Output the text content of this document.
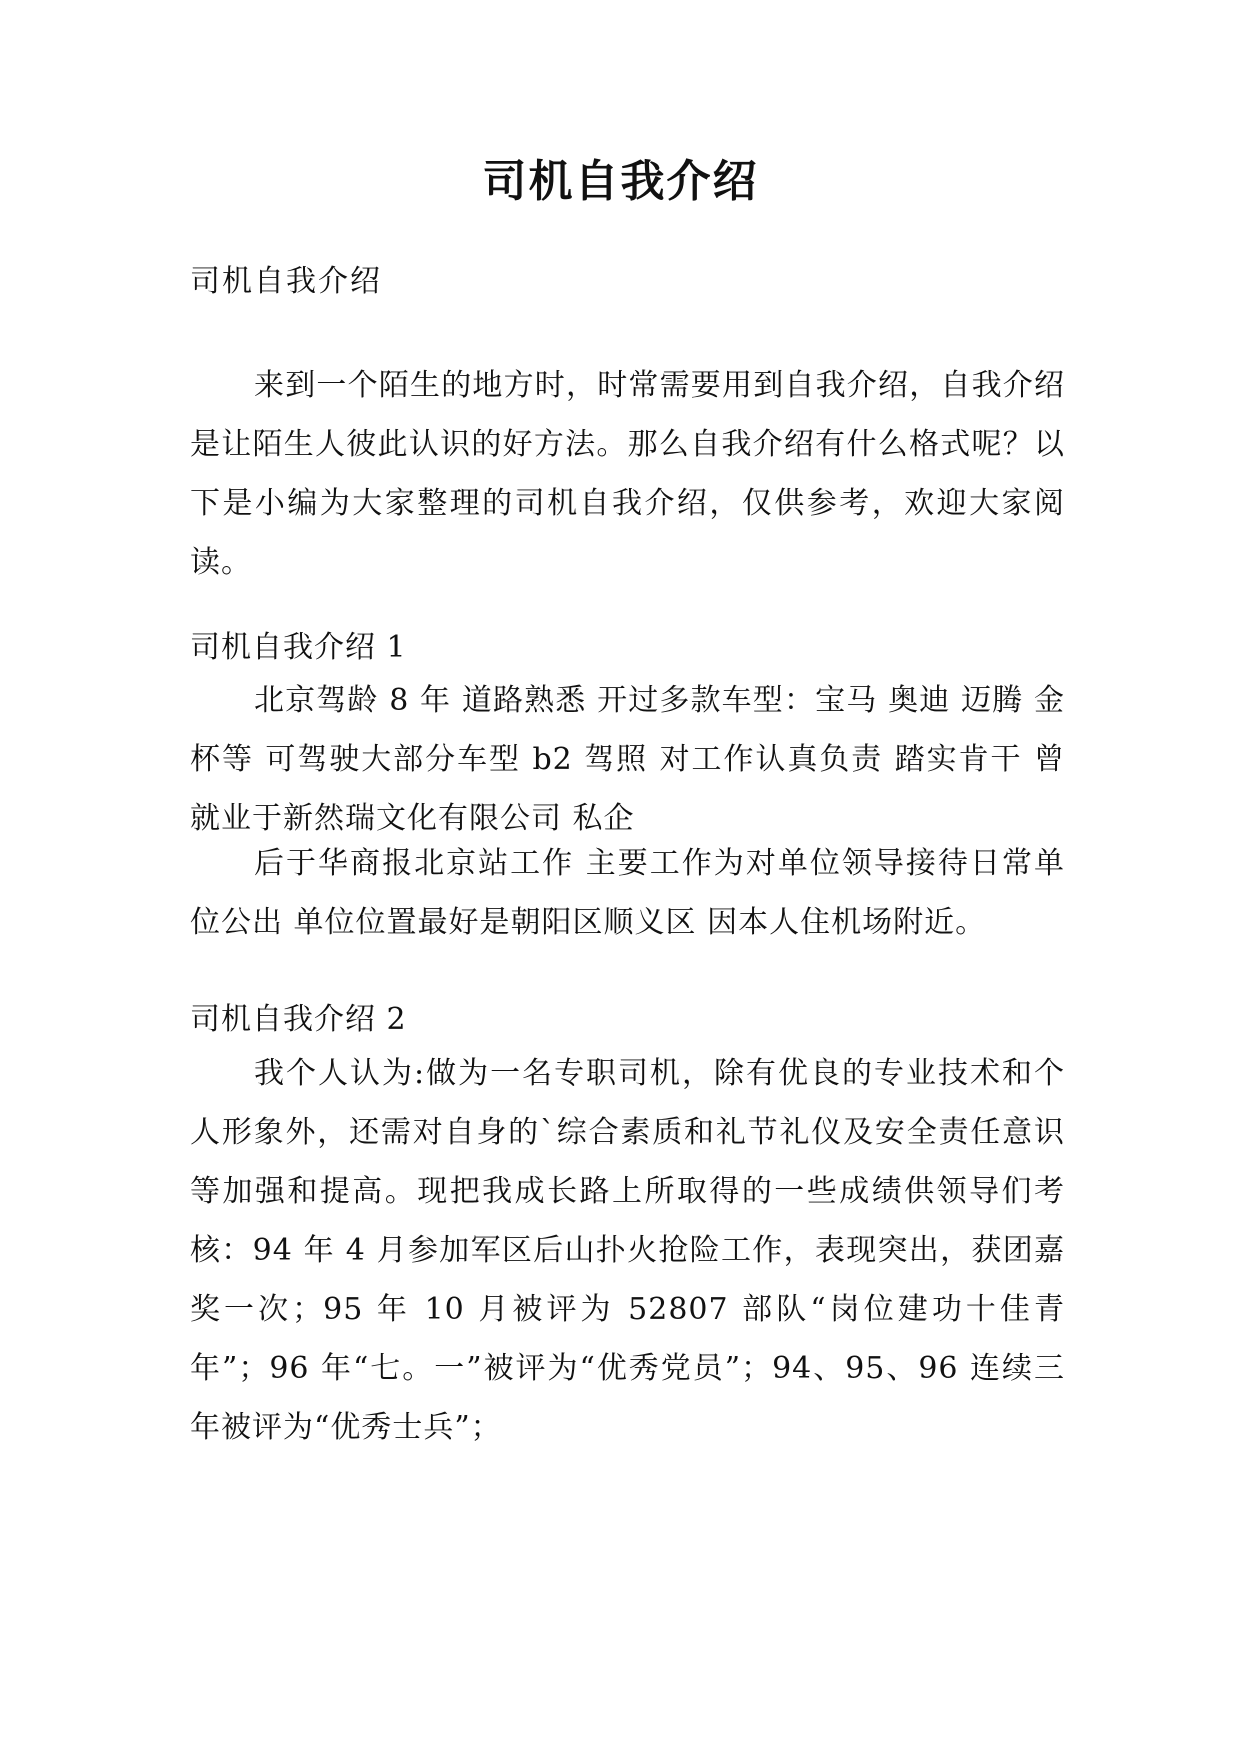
司机自我介绍

司机自我介绍

来到一个陌生的地方时，时常需要用到自我介绍，自我介绍是让陌生人彼此认识的好方法。那么自我介绍有什么格式呢？以下是小编为大家整理的司机自我介绍，仅供参考，欢迎大家阅读。

司机自我介绍 1

北京驾龄 8 年 道路熟悉 开过多款车型：宝马 奥迪 迈腾 金杯等 可驾驶大部分车型 b2 驾照 对工作认真负责 踏实肯干 曾就业于新然瑞文化有限公司 私企

后于华商报北京站工作 主要工作为对单位领导接待日常单位公出 单位位置最好是朝阳区顺义区 因本人住机场附近。

司机自我介绍 2

我个人认为:做为一名专职司机，除有优良的专业技术和个人形象外，还需对自身的`综合素质和礼节礼仪及安全责任意识等加强和提高。现把我成长路上所取得的一些成绩供领导们考核：94 年 4 月参加军区后山扑火抢险工作，表现突出，获团嘉奖一次；95 年 10 月被评为 52807 部队“岗位建功十佳青年”；96 年“七。一”被评为“优秀党员”；94、95、96 连续三年被评为“优秀士兵”；
